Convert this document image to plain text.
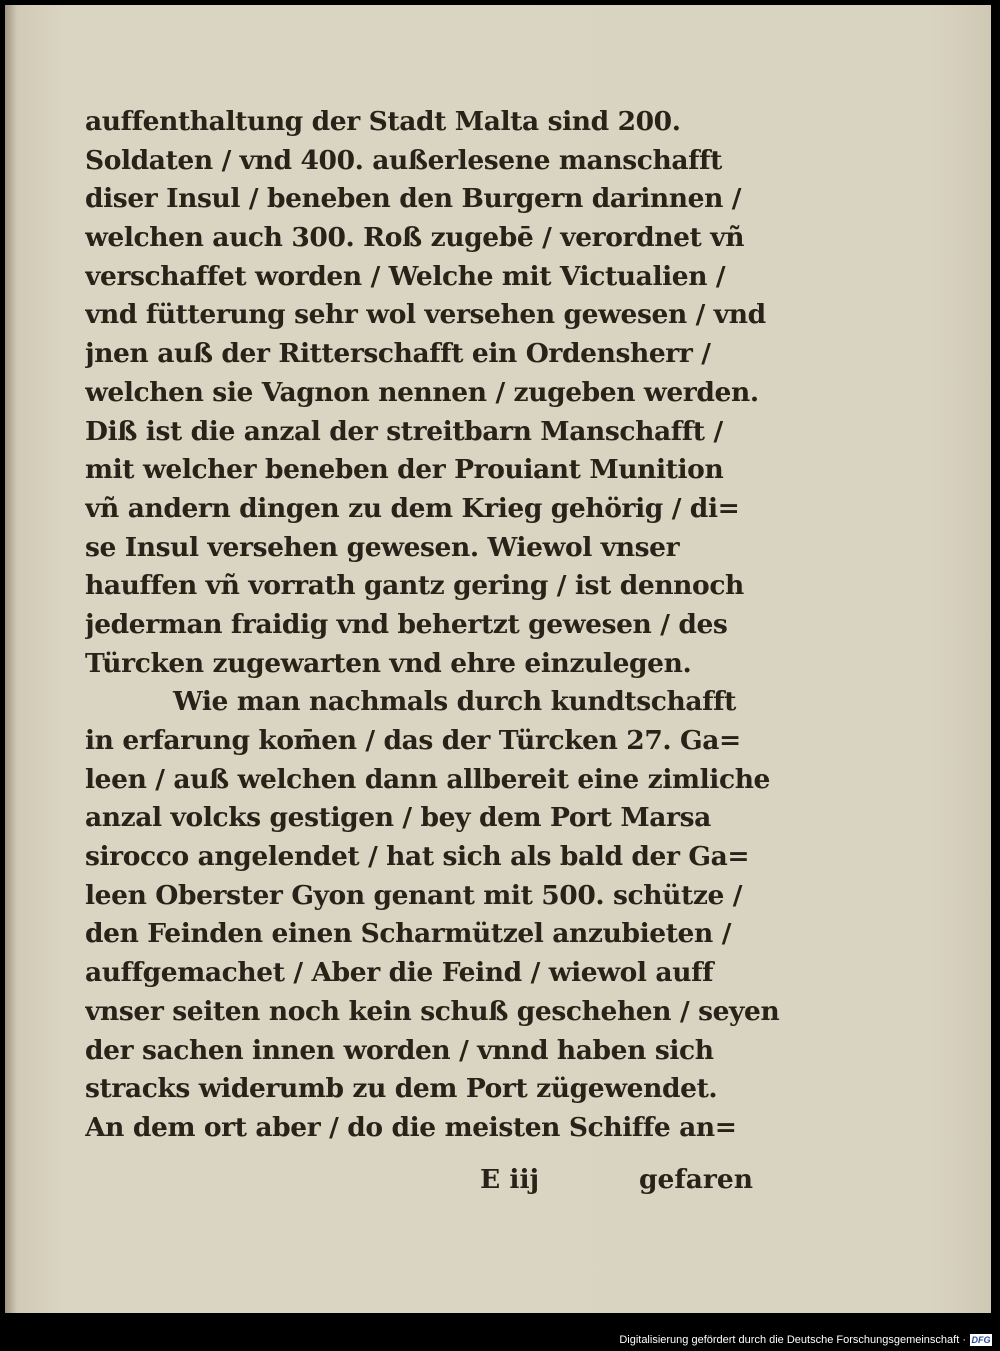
auffenthaltung der Stadt Malta sind 200.
Soldaten / vnd 400. außerlesene manschafft
diser Insul / beneben den Burgern darinnen /
welchen auch 300. Roß zugebē / verordnet vñ
verschaffet worden / Welche mit Victualien /
vnd fütterung sehr wol versehen gewesen / vnd
jnen auß der Ritterschafft ein Ordensherr /
welchen sie Vagnon nennen / zugeben werden.
Diß ist die anzal der streitbarn Manschafft /
mit welcher beneben der Prouiant Munition
vñ andern dingen zu dem Krieg gehörig / di=
se Insul versehen gewesen. Wiewol vnser
hauffen vñ vorrath gantz gering / ist dennoch
jederman fraidig vnd behertzt gewesen / des
Türcken zugewarten vnd ehre einzulegen.
Wie man nachmals durch kundtschafft
in erfarung kom̄en / das der Türcken 27. Ga=
leen / auß welchen dann allbereit eine zimliche
anzal volcks gestigen / bey dem Port Marsa
sirocco angelendet / hat sich als bald der Ga=
leen Oberster Gyon genant mit 500. schütze /
den Feinden einen Scharmützel anzubieten /
auffgemachet / Aber die Feind / wiewol auff
vnser seiten noch kein schuß geschehen / seyen
der sachen innen worden / vnnd haben sich
stracks widerumb zu dem Port zügewendet.
An dem ort aber / do die meisten Schiffe an=
E iij	gefaren
Digitalisierung gefördert durch die Deutsche Forschungsgemeinschaft · DFG
